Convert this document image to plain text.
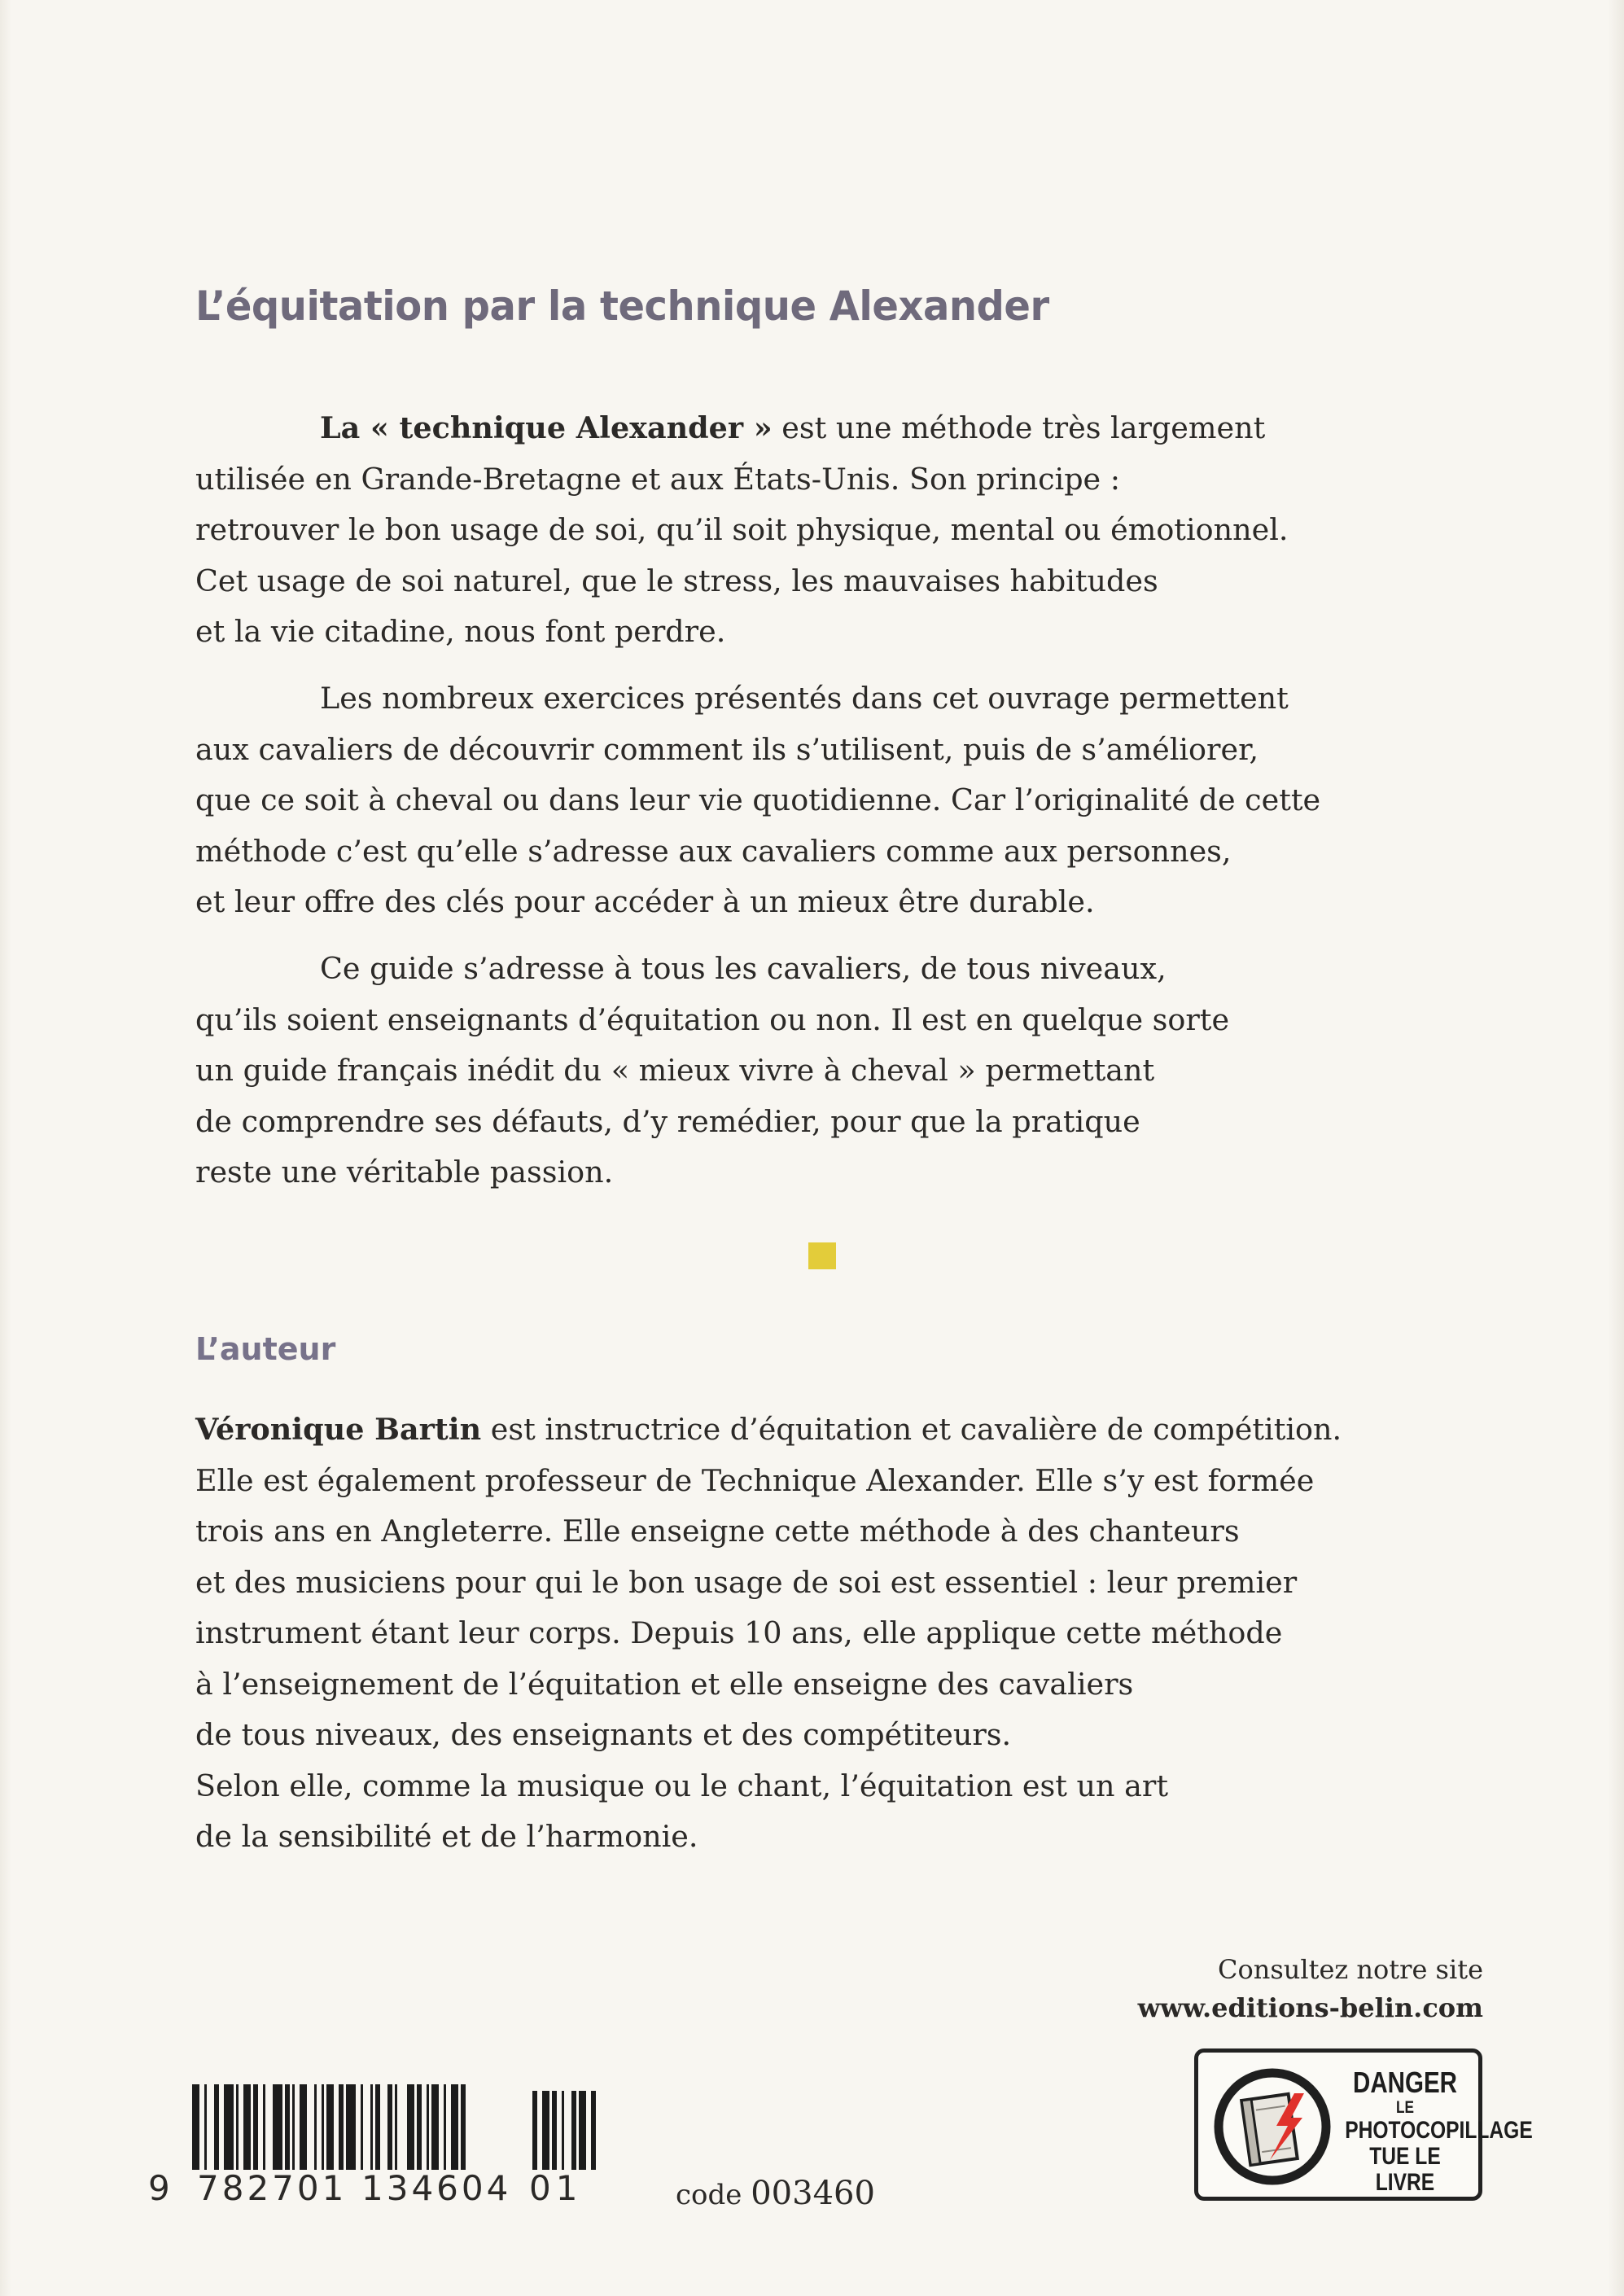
L’équitation par la technique Alexander

La « technique Alexander » est une méthode très largement
utilisée en Grande-Bretagne et aux États-Unis. Son principe :
retrouver le bon usage de soi, qu’il soit physique, mental ou émotionnel.
Cet usage de soi naturel, que le stress, les mauvaises habitudes
et la vie citadine, nous font perdre.

Les nombreux exercices présentés dans cet ouvrage permettent
aux cavaliers de découvrir comment ils s’utilisent, puis de s’améliorer,
que ce soit à cheval ou dans leur vie quotidienne. Car l’originalité de cette
méthode c’est qu’elle s’adresse aux cavaliers comme aux personnes,
et leur offre des clés pour accéder à un mieux être durable.

Ce guide s’adresse à tous les cavaliers, de tous niveaux,
qu’ils soient enseignants d’équitation ou non. Il est en quelque sorte
un guide français inédit du « mieux vivre à cheval » permettant
de comprendre ses défauts, d’y remédier, pour que la pratique
reste une véritable passion.

L’auteur

Véronique Bartin est instructrice d’équitation et cavalière de compétition.
Elle est également professeur de Technique Alexander. Elle s’y est formée
trois ans en Angleterre. Elle enseigne cette méthode à des chanteurs
et des musiciens pour qui le bon usage de soi est essentiel : leur premier
instrument étant leur corps. Depuis 10 ans, elle applique cette méthode
à l’enseignement de l’équitation et elle enseigne des cavaliers
de tous niveaux, des enseignants et des compétiteurs.
Selon elle, comme la musique ou le chant, l’équitation est un art
de la sensibilité et de l’harmonie.

Consultez notre site
www.editions-belin.com
9 782701 134604 01	code 003460
DANGER
LE
PHOTOCOPILLAGE
TUE LE LIVRE
